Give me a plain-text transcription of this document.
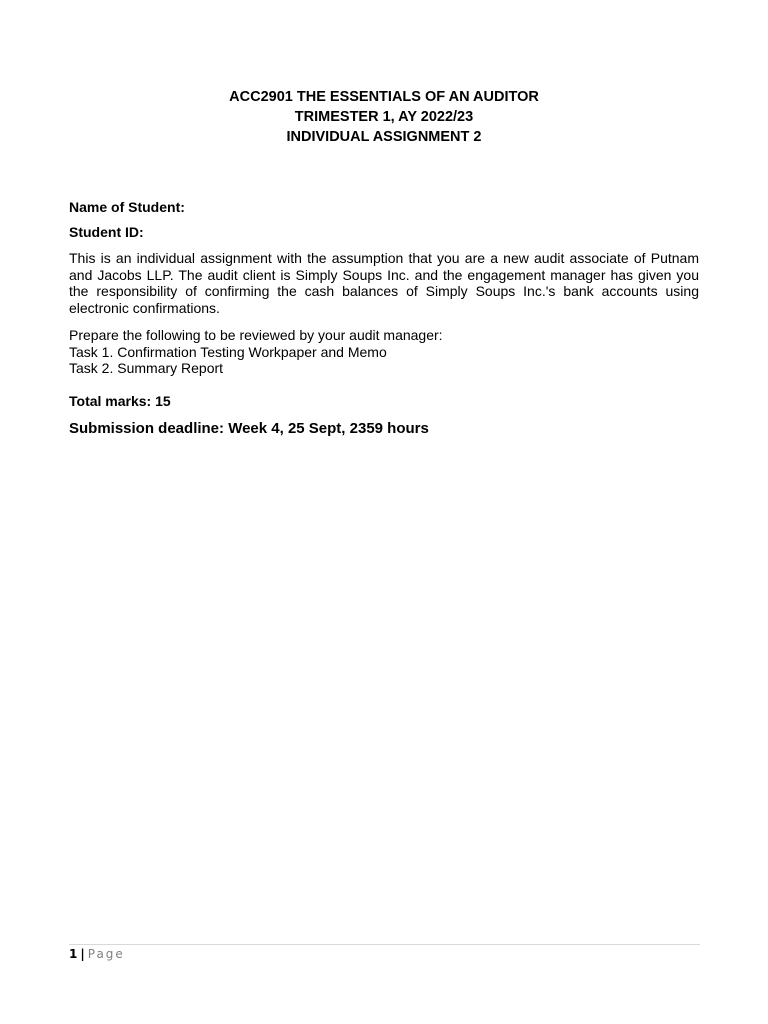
ACC2901 THE ESSENTIALS OF AN AUDITOR

TRIMESTER 1, AY 2022/23

INDIVIDUAL ASSIGNMENT 2

Name of Student:
Student ID:

This is an individual assignment with the assumption that you are a new audit associate of Putnam and Jacobs LLP. The audit client is Simply Soups Inc. and the engagement manager has given you the responsibility of confirming the cash balances of Simply Soups Inc.'s bank accounts using electronic confirmations.

Prepare the following to be reviewed by your audit manager:
Task 1. Confirmation Testing Workpaper and Memo
Task 2. Summary Report
Total marks: 15
Submission deadline: Week 4, 25 Sept, 2359 hours
1 | Page
